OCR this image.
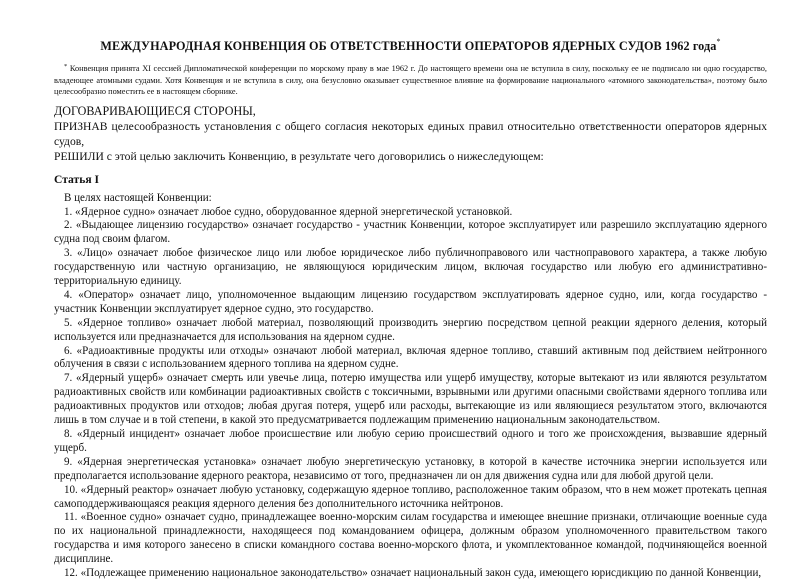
МЕЖДУНАРОДНАЯ КОНВЕНЦИЯ ОБ ОТВЕТСТВЕННОСТИ ОПЕРАТОРОВ ЯДЕРНЫХ СУДОВ 1962 года*
* Конвенция принята XI сессией Дипломатической конференции по морскому праву в мае 1962 г. До настоящего времени она не вступила в силу, поскольку ее не подписало ни одно государство, владеющее атомными судами. Хотя Конвенция и не вступила в силу, она безусловно оказывает существенное влияние на формирование национального «атомного законодательства», поэтому было целесообразно поместить ее в настоящем сборнике.

ДОГОВАРИВАЮЩИЕСЯ СТОРОНЫ,

ПРИЗНАВ целесообразность установления с общего согласия некоторых единых правил относительно ответственности операторов ядерных судов,

РЕШИЛИ с этой целью заключить Конвенцию, в результате чего договорились о нижеследующем:

Статья I

В целях настоящей Конвенции:

1. «Ядерное судно» означает любое судно, оборудованное ядерной энергетической установкой.

2. «Выдающее лицензию государство» означает государство - участник Конвенции, которое эксплуатирует или разрешило эксплуатацию ядерного судна под своим флагом.

3. «Лицо» означает любое физическое лицо или любое юридическое либо публичноправового или частноправового характера, а также любую государственную или частную организацию, не являющуюся юридическим лицом, включая государство или любую его административно-территориальную единицу.

4. «Оператор» означает лицо, уполномоченное выдающим лицензию государством эксплуатировать ядерное судно, или, когда государство - участник Конвенции эксплуатирует ядерное судно, это государство.

5. «Ядерное топливо» означает любой материал, позволяющий производить энергию посредством цепной реакции ядерного деления, который используется или предназначается для использования на ядерном судне.

6. «Радиоактивные продукты или отходы» означают любой материал, включая ядерное топливо, ставший активным под действием нейтронного облучения в связи с использованием ядерного топлива на ядерном судне.

7. «Ядерный ущерб» означает смерть или увечье лица, потерю имущества или ущерб имуществу, которые вытекают из или являются результатом радиоактивных свойств или комбинации радиоактивных свойств с токсичными, взрывными или другими опасными свойствами ядерного топлива или радиоактивных продуктов или отходов; любая другая потеря, ущерб или расходы, вытекающие из или являющиеся результатом этого, включаются лишь в том случае и в той степени, в какой это предусматривается подлежащим применению национальным законодательством.

8. «Ядерный инцидент» означает любое происшествие или любую серию происшествий одного и того же происхождения, вызвавшие ядерный ущерб.

9. «Ядерная энергетическая установка» означает любую энергетическую установку, в которой в качестве источника энергии используется или предполагается использование ядерного реактора, независимо от того, предназначен ли он для движения судна или для любой другой цели.

10. «Ядерный реактор» означает любую установку, содержащую ядерное топливо, расположенное таким образом, что в нем может протекать цепная самоподдерживающаяся реакция ядерного деления без дополнительного источника нейтронов.

11. «Военное судно» означает судно, принадлежащее военно-морским силам государства и имеющее внешние признаки, отличающие военные суда по их национальной принадлежности, находящееся под командованием офицера, должным образом уполномоченного правительством такого государства и имя которого занесено в списки командного состава военно-морского флота, и укомплектованное командой, подчиняющейся военной дисциплине.

12. «Подлежащее применению национальное законодательство» означает национальный закон суда, имеющего юрисдикцию по данной Конвенции,
